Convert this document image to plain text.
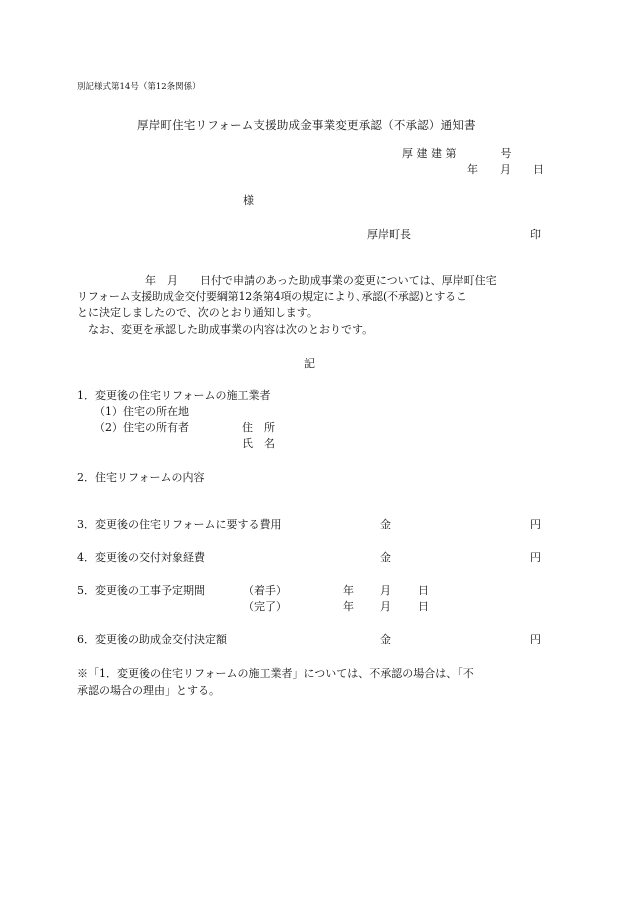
別記様式第14号（第12条関係）
厚岸町住宅リフォーム支援助成金事業変更承認（不承認）通知書
厚 建 建 第　　　　号
年　　月　　日
様
厚岸町長	印
年　月　　日付で申請のあった助成事業の変更については、厚岸町住宅
リフォーム支援助成金交付要綱第12条第4項の規定により､承認(不承認)とするこ
とに決定しましたので、次のとおり通知します。
なお、変更を承認した助成事業の内容は次のとおりです。
記
1．変更後の住宅リフォームの施工業者
（1）住宅の所在地
（2）住宅の所有者	住　所
氏　名
2．住宅リフォームの内容
3．変更後の住宅リフォームに要する費用	金	円
4．変更後の交付対象経費	金	円
5．変更後の工事予定期間	（着手）	年 月 日
（完了）	年 月 日
6．変更後の助成金交付決定額	金	円
※「1．変更後の住宅リフォームの施工業者」については、不承認の場合は、「不
承認の場合の理由」とする。
